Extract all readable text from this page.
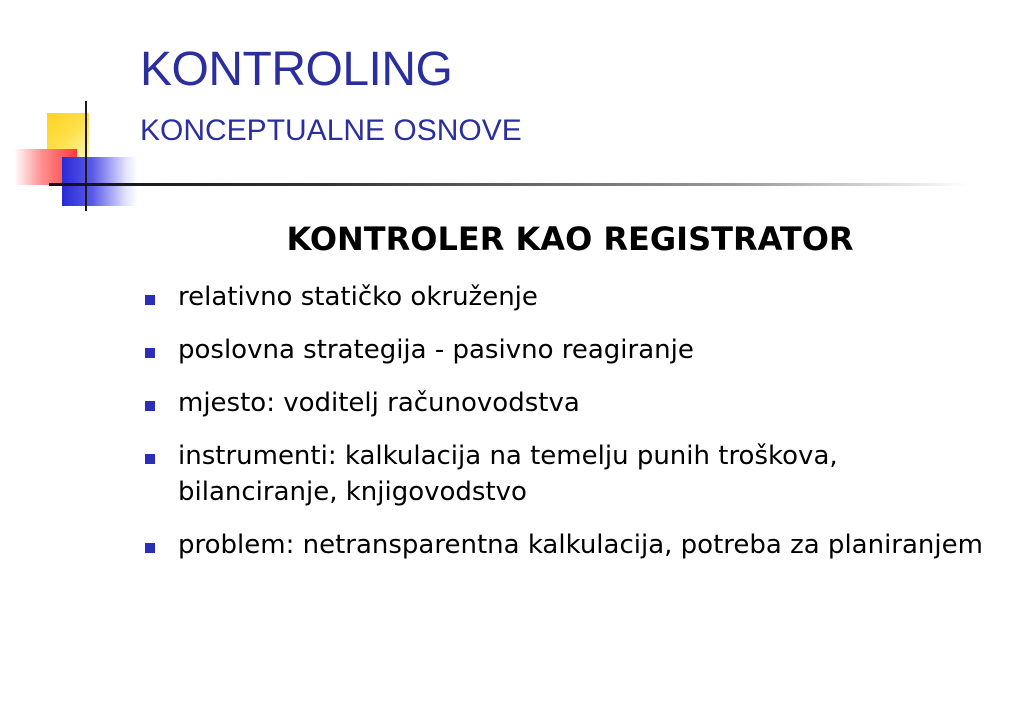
KONTROLING
KONCEPTUALNE OSNOVE
KONTROLER KAO REGISTRATOR
relativno statičko okruženje
poslovna strategija - pasivno reagiranje
mjesto: voditelj računovodstva
instrumenti: kalkulacija na temelju punih troškova, bilanciranje, knjigovodstvo
problem: netransparentna kalkulacija, potreba za planiranjem
